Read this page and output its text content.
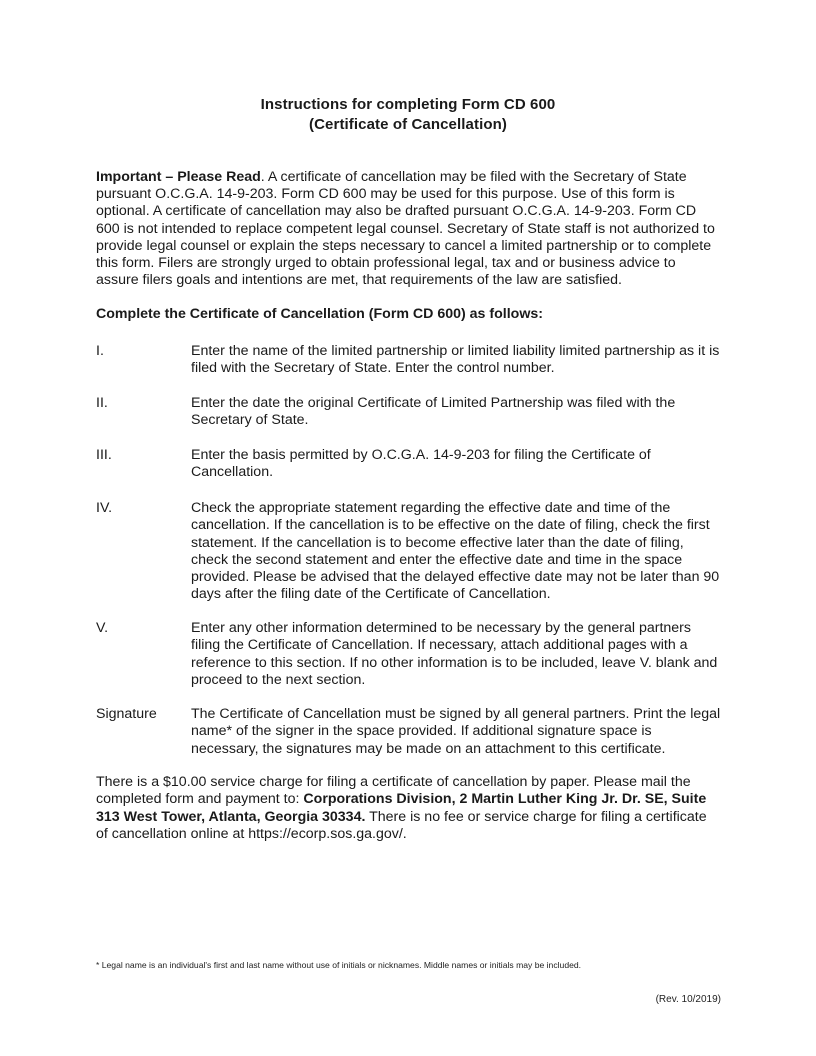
Instructions for completing Form CD 600
(Certificate of Cancellation)
Important – Please Read. A certificate of cancellation may be filed with the Secretary of State pursuant O.C.G.A. 14-9-203. Form CD 600 may be used for this purpose. Use of this form is optional. A certificate of cancellation may also be drafted pursuant O.C.G.A. 14-9-203. Form CD 600 is not intended to replace competent legal counsel. Secretary of State staff is not authorized to provide legal counsel or explain the steps necessary to cancel a limited partnership or to complete this form. Filers are strongly urged to obtain professional legal, tax and or business advice to assure filers goals and intentions are met, that requirements of the law are satisfied.
Complete the Certificate of Cancellation (Form CD 600) as follows:
I.	Enter the name of the limited partnership or limited liability limited partnership as it is filed with the Secretary of State. Enter the control number.
II.	Enter the date the original Certificate of Limited Partnership was filed with the Secretary of State.
III.	Enter the basis permitted by O.C.G.A. 14-9-203 for filing the Certificate of Cancellation.
IV.	Check the appropriate statement regarding the effective date and time of the cancellation. If the cancellation is to be effective on the date of filing, check the first statement. If the cancellation is to become effective later than the date of filing, check the second statement and enter the effective date and time in the space provided. Please be advised that the delayed effective date may not be later than 90 days after the filing date of the Certificate of Cancellation.
V.	Enter any other information determined to be necessary by the general partners filing the Certificate of Cancellation. If necessary, attach additional pages with a reference to this section. If no other information is to be included, leave V. blank and proceed to the next section.
Signature The Certificate of Cancellation must be signed by all general partners. Print the legal name* of the signer in the space provided. If additional signature space is necessary, the signatures may be made on an attachment to this certificate.
There is a $10.00 service charge for filing a certificate of cancellation by paper. Please mail the completed form and payment to: Corporations Division, 2 Martin Luther King Jr. Dr. SE, Suite 313 West Tower, Atlanta, Georgia 30334. There is no fee or service charge for filing a certificate of cancellation online at https://ecorp.sos.ga.gov/.
* Legal name is an individual's first and last name without use of initials or nicknames. Middle names or initials may be included.
(Rev. 10/2019)
